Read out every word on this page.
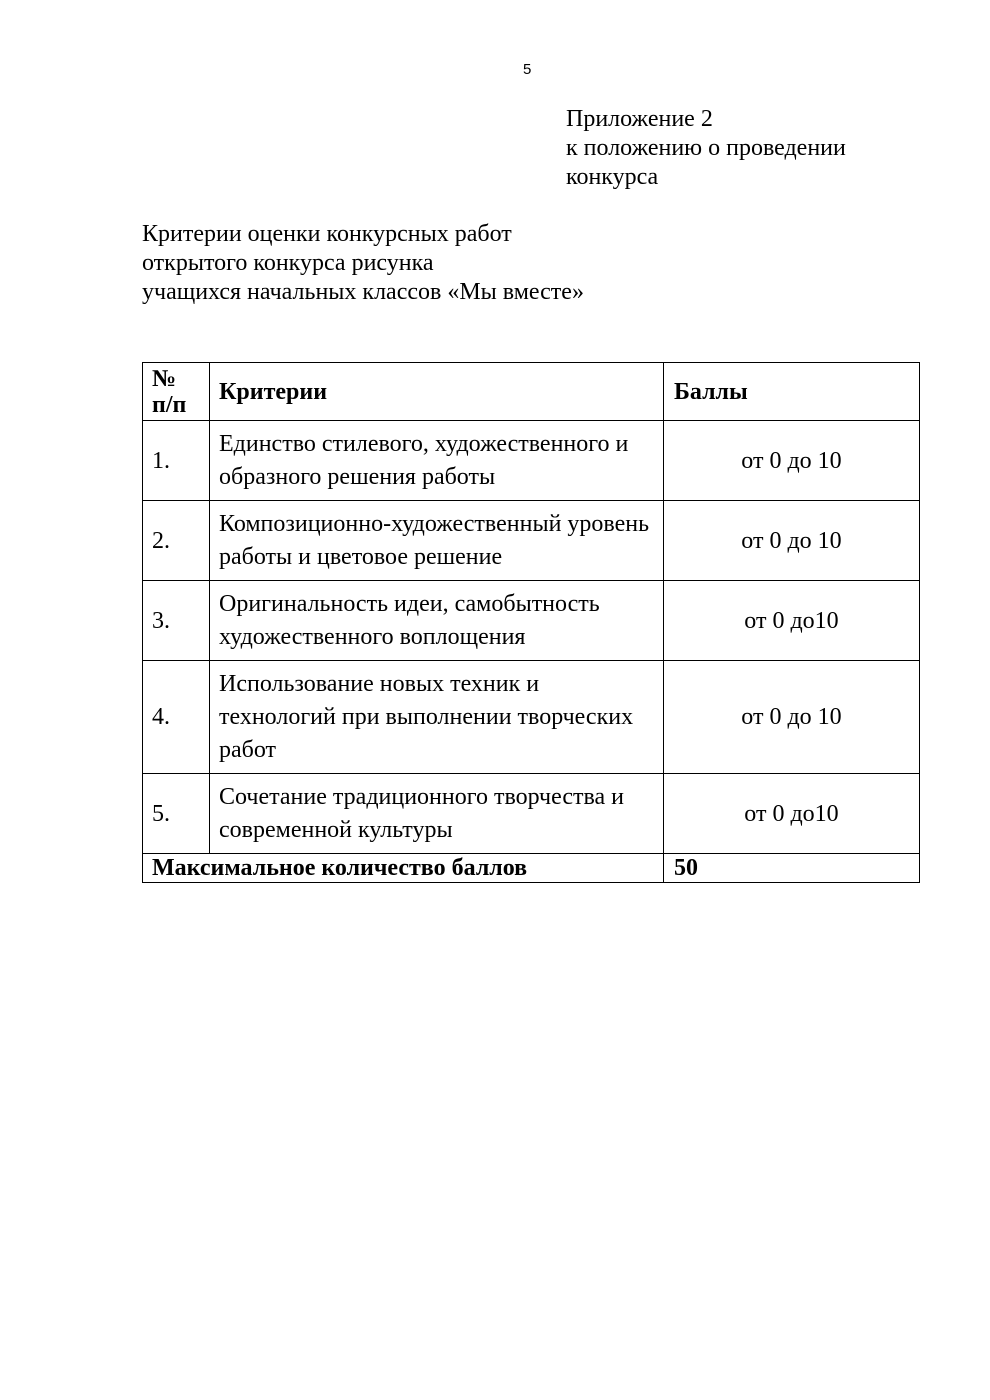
5
Приложение 2
к положению о проведении
конкурса
Критерии оценки конкурсных работ
открытого конкурса рисунка
учащихся начальных классов «Мы вместе»
№
п/п	Критерии	Баллы
1.	Единство стилевого, художественного и образного решения работы	от 0 до 10
2.	Композиционно-художественный уровень работы и цветовое решение	от 0 до 10
3.	Оригинальность идеи, самобытность художественного воплощения	от 0 до10
4.	Использование новых техник и технологий при выполнении творческих работ	от 0 до 10
5.	Сочетание традиционного творчества и современной культуры	от 0 до10
Максимальное количество баллов		50
